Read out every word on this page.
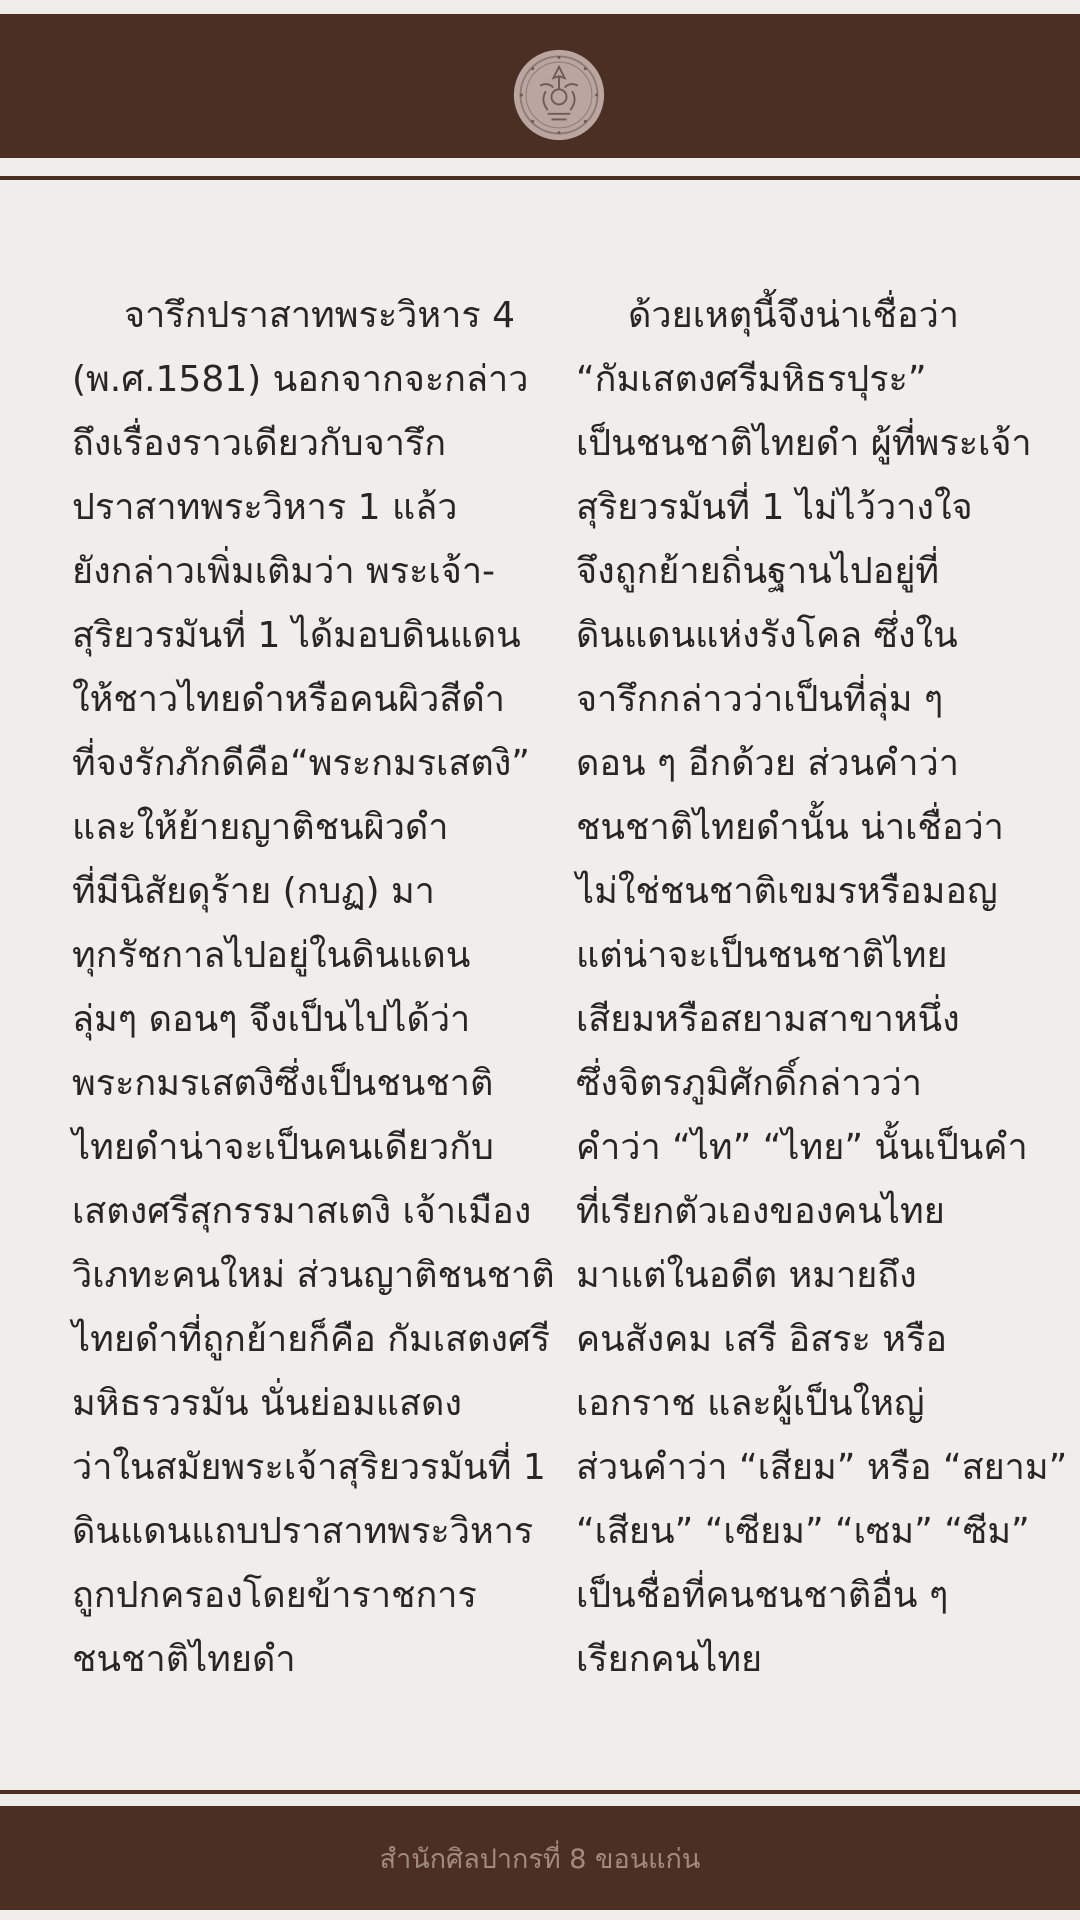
จารึกปราสาทพระวิหาร 4
(พ.ศ.1581) นอกจากจะกล่าว
ถึงเรื่องราวเดียวกับจารึก
ปราสาทพระวิหาร 1 แล้ว
ยังกล่าวเพิ่มเติมว่า พระเจ้า-
สุริยวรมันที่ 1 ได้มอบดินแดน
ให้ชาวไทยดำหรือคนผิวสีดำ
ที่จงรักภักดีคือ“พระกมรเสตงิ”
และให้ย้ายญาติชนผิวดำ
ที่มีนิสัยดุร้าย (กบฏ) มา
ทุกรัชกาลไปอยู่ในดินแดน
ลุ่มๆ ดอนๆ จึงเป็นไปได้ว่า
พระกมรเสตงิซึ่งเป็นชนชาติ
ไทยดำน่าจะเป็นคนเดียวกับ
เสตงศรีสุกรรมาสเตงิ เจ้าเมือง
วิเภทะคนใหม่ ส่วนญาติชนชาติ
ไทยดำที่ถูกย้ายก็คือ กัมเสตงศรี
มหิธรวรมัน นั่นย่อมแสดง
ว่าในสมัยพระเจ้าสุริยวรมันที่ 1
ดินแดนแถบปราสาทพระวิหาร
ถูกปกครองโดยข้าราชการ
ชนชาติไทยดำ
ด้วยเหตุนี้จึงน่าเชื่อว่า
“กัมเสตงศรีมหิธรปุระ”
เป็นชนชาติไทยดำ ผู้ที่พระเจ้า
สุริยวรมันที่ 1 ไม่ไว้วางใจ
จึงถูกย้ายถิ่นฐานไปอยู่ที่
ดินแดนแห่งรังโคล ซึ่งใน
จารึกกล่าวว่าเป็นที่ลุ่ม ๆ
ดอน ๆ อีกด้วย ส่วนคำว่า
ชนชาติไทยดำนั้น น่าเชื่อว่า
ไม่ใช่ชนชาติเขมรหรือมอญ
แต่น่าจะเป็นชนชาติไทย
เสียมหรือสยามสาขาหนึ่ง
ซึ่งจิตรภูมิศักดิ์กล่าวว่า
คำว่า “ไท” “ไทย” นั้นเป็นคำ
ที่เรียกตัวเองของคนไทย
มาแต่ในอดีต หมายถึง
คนสังคม เสรี อิสระ หรือ
เอกราช และผู้เป็นใหญ่
ส่วนคำว่า “เสียม” หรือ “สยาม”
“เสียน” “เซียม” “เซม” “ซีม”
เป็นชื่อที่คนชนชาติอื่น ๆ
เรียกคนไทย
สำนักศิลปากรที่ 8 ขอนแก่น
